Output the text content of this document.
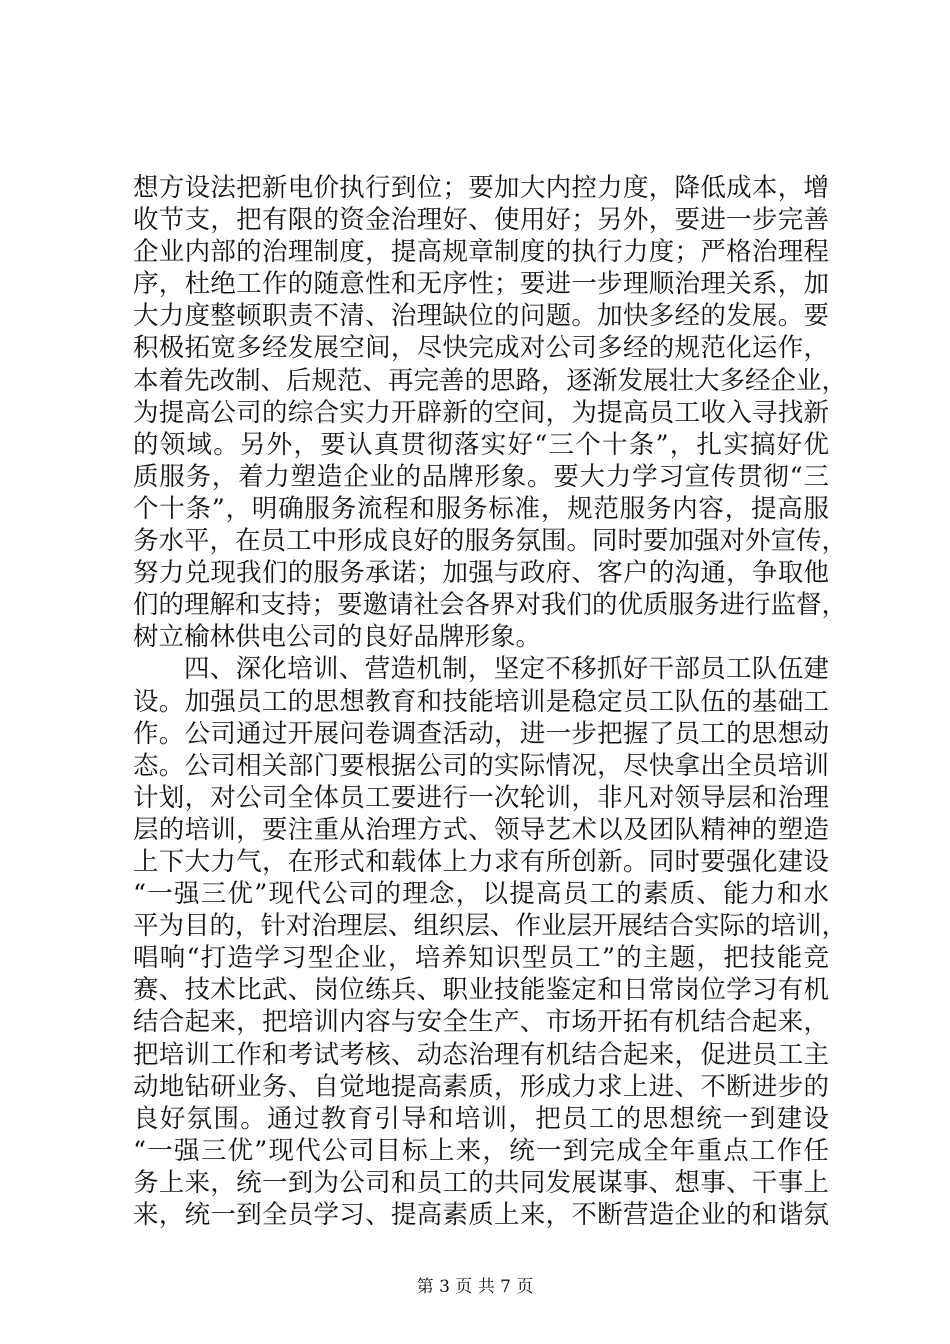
想方设法把新电价执行到位；要加大内控力度，降低成本，增
收节支，把有限的资金治理好、使用好；另外，要进一步完善
企业内部的治理制度，提高规章制度的执行力度；严格治理程
序，杜绝工作的随意性和无序性；要进一步理顺治理关系，加
大力度整顿职责不清、治理缺位的问题。加快多经的发展。要
积极拓宽多经发展空间，尽快完成对公司多经的规范化运作，
本着先改制、后规范、再完善的思路，逐渐发展壮大多经企业，
为提高公司的综合实力开辟新的空间，为提高员工收入寻找新
的领域。另外，要认真贯彻落实好“三个十条”，扎实搞好优
质服务，着力塑造企业的品牌形象。要大力学习宣传贯彻“三
个十条”，明确服务流程和服务标准，规范服务内容，提高服
务水平，在员工中形成良好的服务氛围。同时要加强对外宣传，
努力兑现我们的服务承诺；加强与政府、客户的沟通，争取他
们的理解和支持；要邀请社会各界对我们的优质服务进行监督，
树立榆林供电公司的良好品牌形象。
四、深化培训、营造机制，坚定不移抓好干部员工队伍建
设。加强员工的思想教育和技能培训是稳定员工队伍的基础工
作。公司通过开展问卷调查活动，进一步把握了员工的思想动
态。公司相关部门要根据公司的实际情况，尽快拿出全员培训
计划，对公司全体员工要进行一次轮训，非凡对领导层和治理
层的培训，要注重从治理方式、领导艺术以及团队精神的塑造
上下大力气，在形式和载体上力求有所创新。同时要强化建设
“一强三优”现代公司的理念，以提高员工的素质、能力和水
平为目的，针对治理层、组织层、作业层开展结合实际的培训，
唱响“打造学习型企业，培养知识型员工”的主题，把技能竞
赛、技术比武、岗位练兵、职业技能鉴定和日常岗位学习有机
结合起来，把培训内容与安全生产、市场开拓有机结合起来，
把培训工作和考试考核、动态治理有机结合起来，促进员工主
动地钻研业务、自觉地提高素质，形成力求上进、不断进步的
良好氛围。通过教育引导和培训，把员工的思想统一到建设
“一强三优”现代公司目标上来，统一到完成全年重点工作任
务上来，统一到为公司和员工的共同发展谋事、想事、干事上
来，统一到全员学习、提高素质上来，不断营造企业的和谐氛
第 3 页 共 7 页
